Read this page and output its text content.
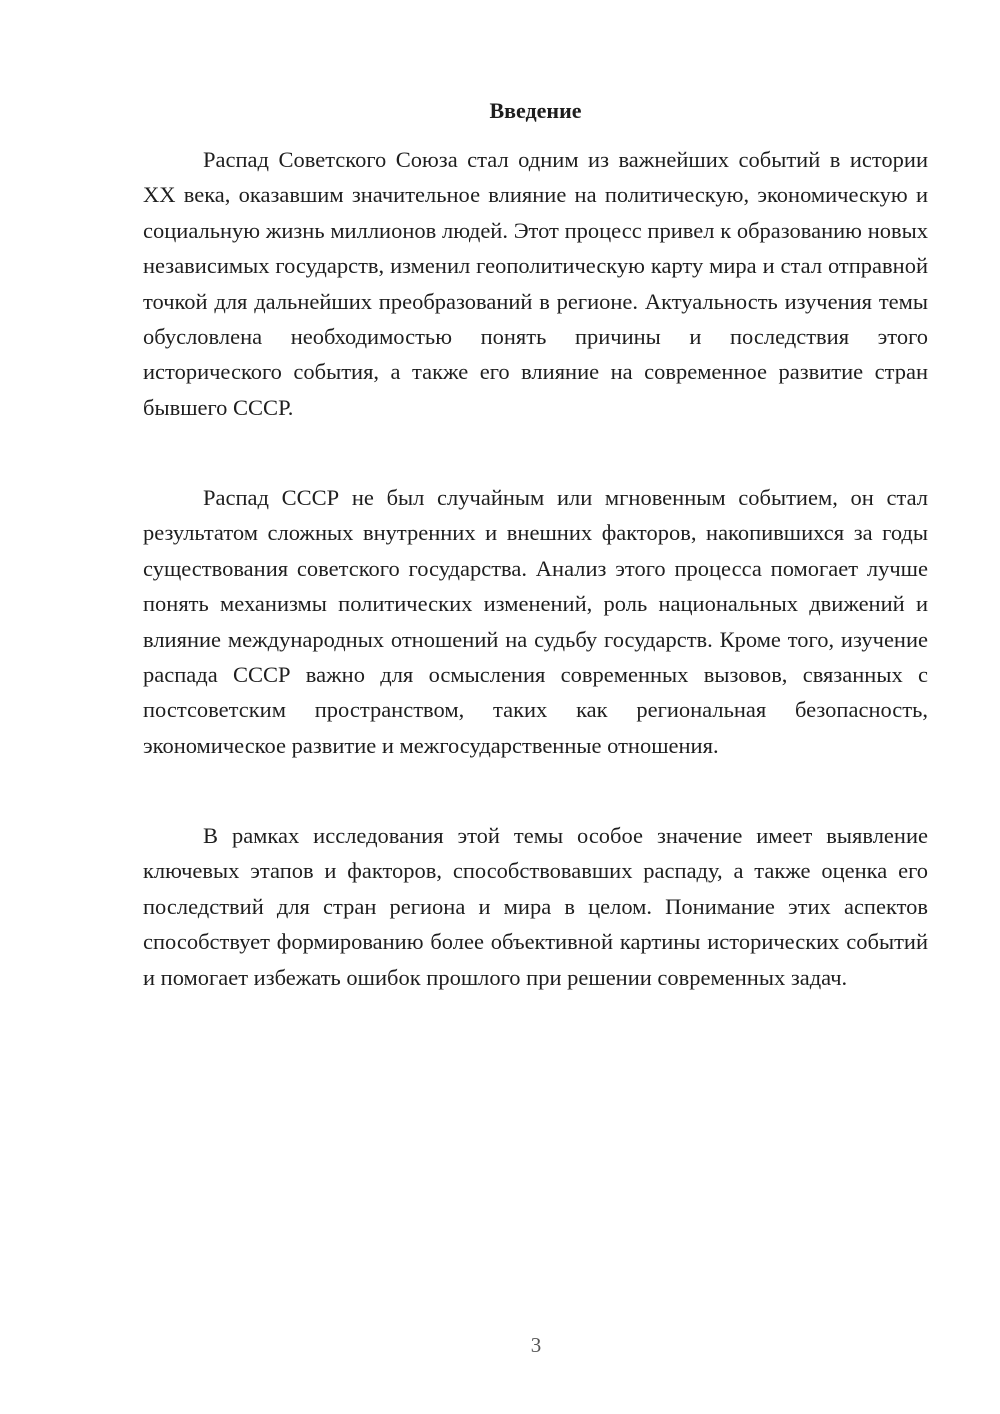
Введение

Распад Советского Союза стал одним из важнейших событий в истории XX века, оказавшим значительное влияние на политическую, экономическую и социальную жизнь миллионов людей. Этот процесс привел к образованию новых независимых государств, изменил геополитическую карту мира и стал отправной точкой для дальнейших преобразований в регионе. Актуальность изучения темы обусловлена необходимостью понять причины и последствия этого исторического события, а также его влияние на современное развитие стран бывшего СССР.

Распад СССР не был случайным или мгновенным событием, он стал результатом сложных внутренних и внешних факторов, накопившихся за годы существования советского государства. Анализ этого процесса помогает лучше понять механизмы политических изменений, роль национальных движений и влияние международных отношений на судьбу государств. Кроме того, изучение распада СССР важно для осмысления современных вызовов, связанных с постсоветским пространством, таких как региональная безопасность, экономическое развитие и межгосударственные отношения.

В рамках исследования этой темы особое значение имеет выявление ключевых этапов и факторов, способствовавших распаду, а также оценка его последствий для стран региона и мира в целом. Понимание этих аспектов способствует формированию более объективной картины исторических событий и помогает избежать ошибок прошлого при решении современных задач.

3
